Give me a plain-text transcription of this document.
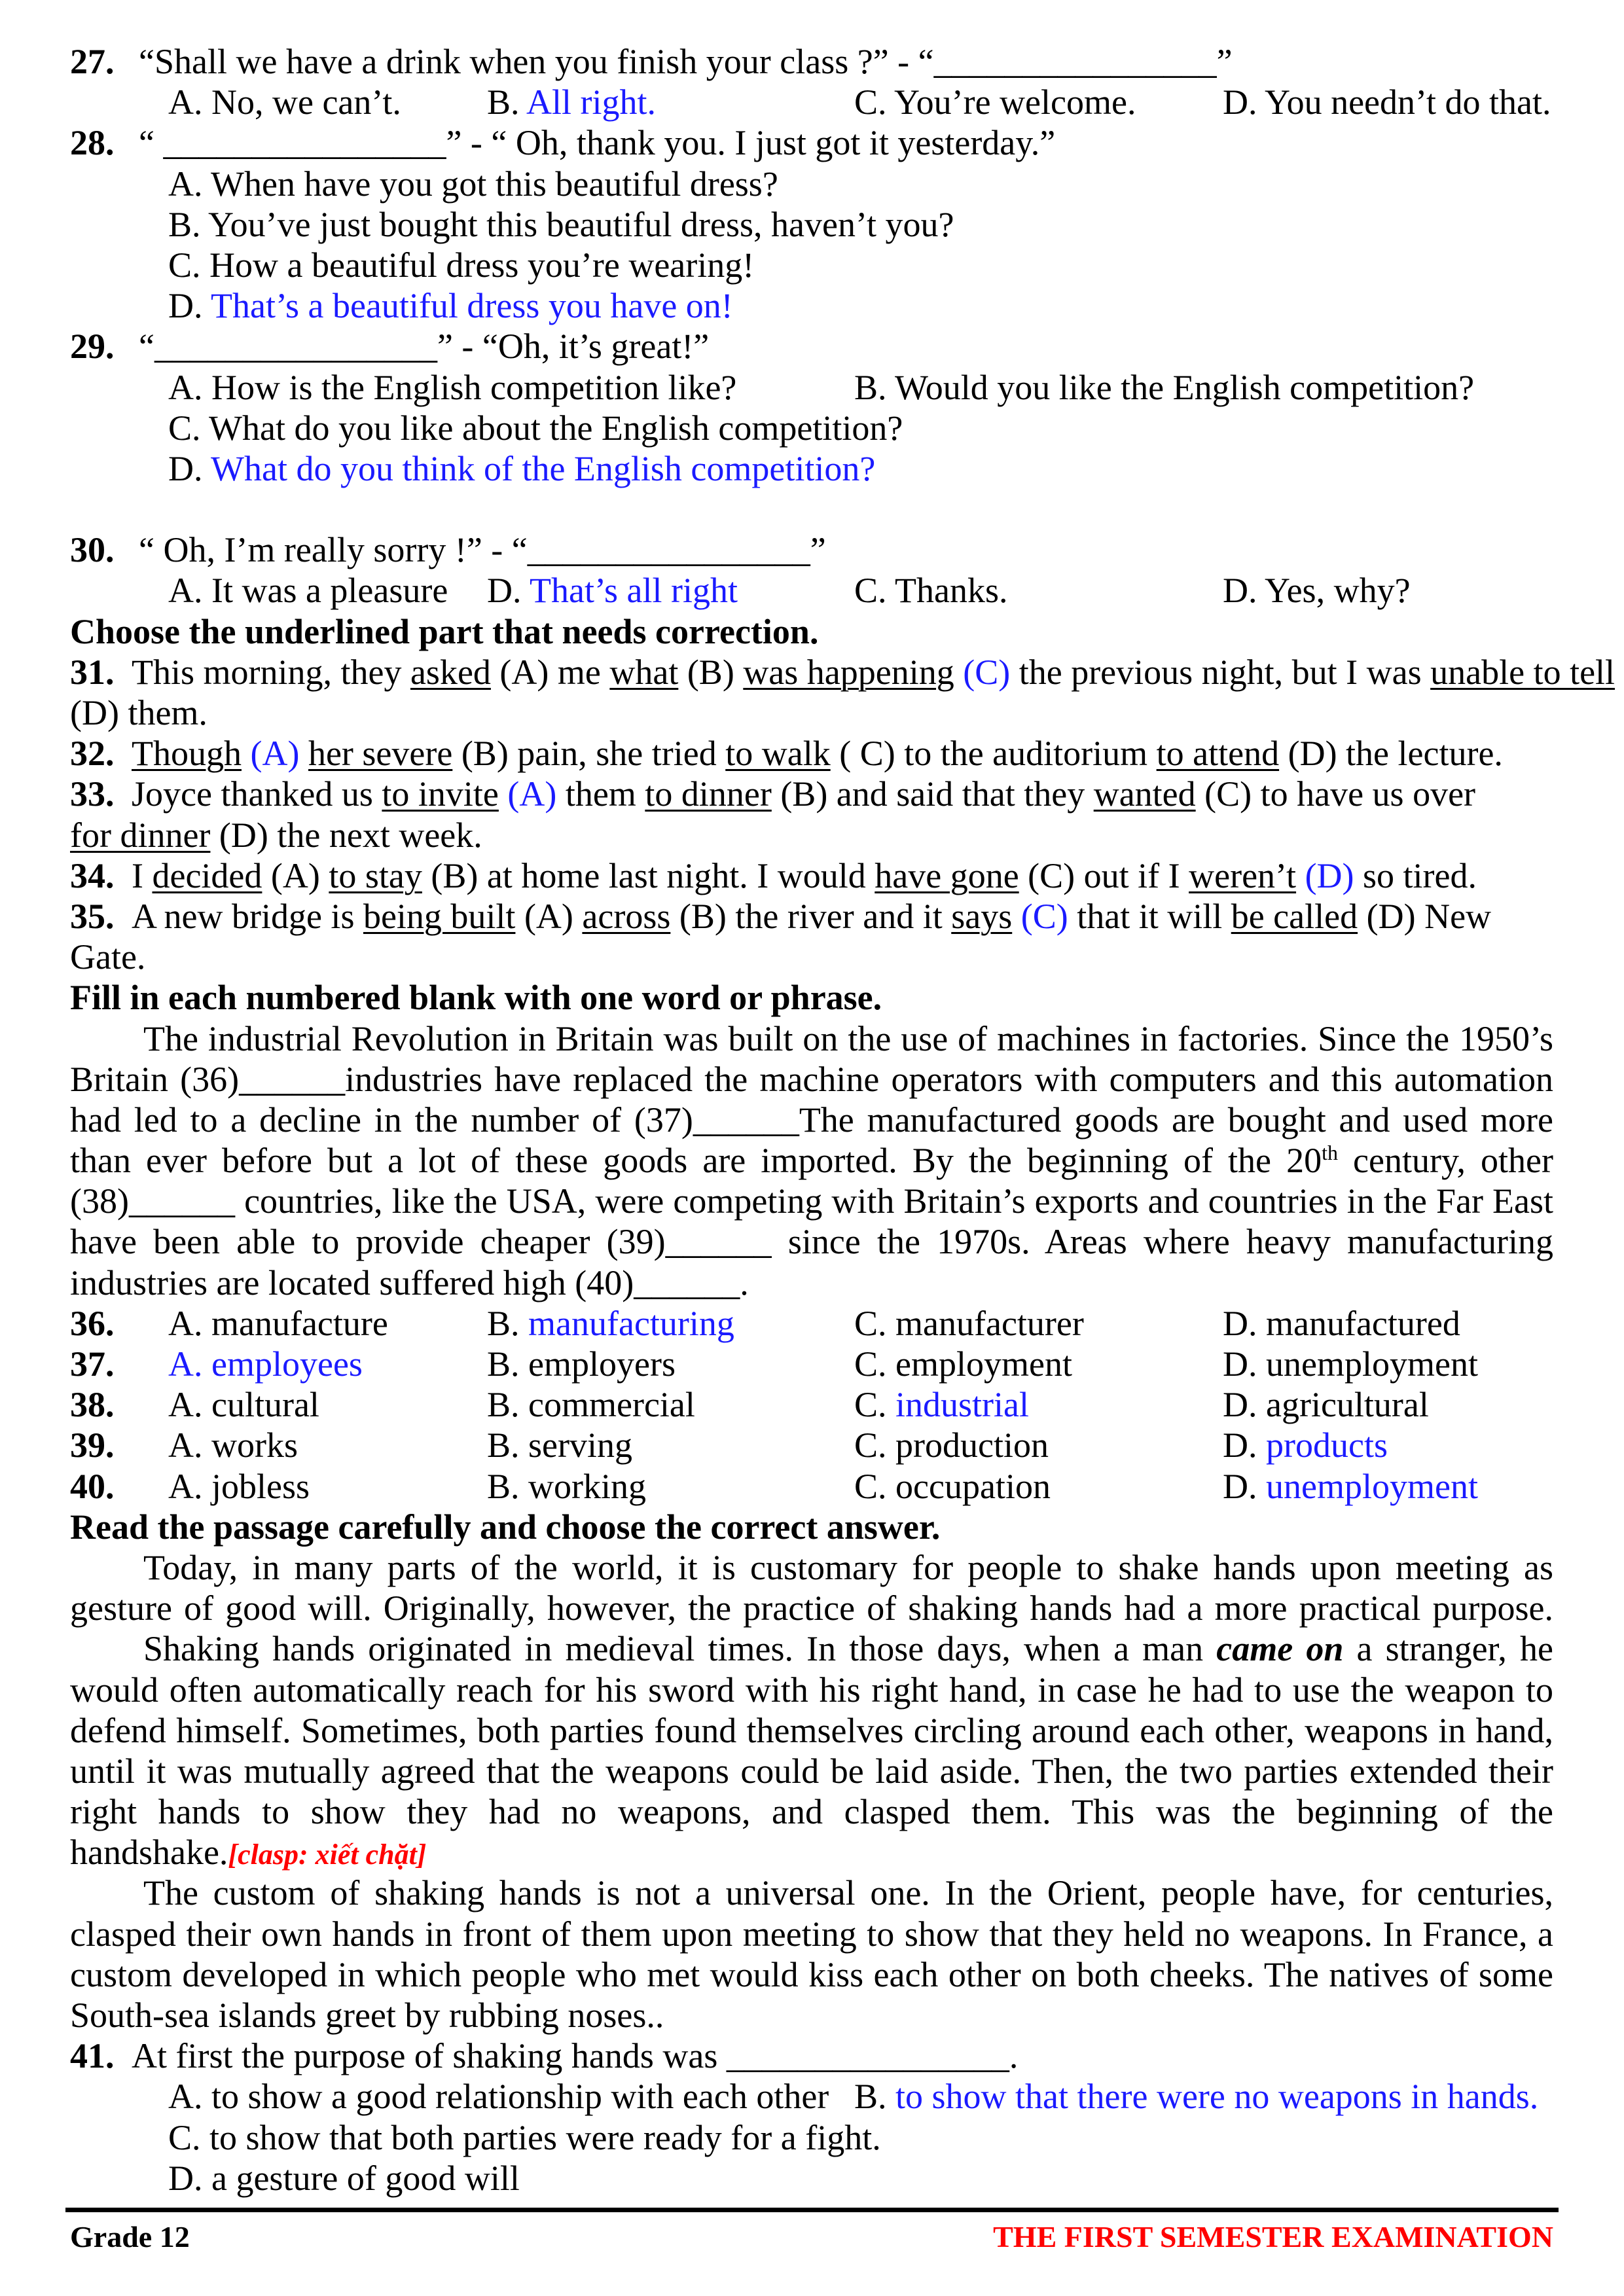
27. “Shall we have a drink when you finish your class ?” - “________________”
A. No, we can’t. B. All right.	C. You’re welcome. D. You needn’t do that.
28. “ ________________” - “ Oh, thank you. I just got it yesterday.”
A. When have you got this beautiful dress?
B. You’ve just bought this beautiful dress, haven’t you?
C. How a beautiful dress you’re wearing!
D. That’s a beautiful dress you have on!
29. “________________” - “Oh, it’s great!”
A. How is the English competition like?	B. Would you like the English competition?
C. What do you like about the English competition?
D. What do you think of the English competition?
30. “ Oh, I’m really sorry !” - “________________”
A. It was a pleasure D. That’s all right	C. Thanks.	D. Yes, why?
Choose the underlined part that needs correction.
31. This morning, they asked (A) me what (B) was happening (C) the previous night, but I was unable to tell
(D) them.
32. Though (A) her severe (B) pain, she tried to walk ( C) to the auditorium to attend (D) the lecture.
33. Joyce thanked us to invite (A) them to dinner (B) and said that they wanted (C) to have us over
for dinner (D) the next week.
34. I decided (A) to stay (B) at home last night. I would have gone (C) out if I weren’t (D) so tired.
35. A new bridge is being built (A) across (B) the river and it says (C) that it will be called (D) New
Gate.
Fill in each numbered blank with one word or phrase.
The industrial Revolution in Britain was built on the use of machines in factories. Since the 1950’s
Britain (36)______industries have replaced the machine operators with computers and this automation
had led to a decline in the number of (37)______The manufactured goods are bought and used more
than ever before but a lot of these goods are imported. By the beginning of the 20th century, other
(38)______ countries, like the USA, were competing with Britain’s exports and countries in the Far East
have been able to provide cheaper (39)______ since the 1970s. Areas where heavy manufacturing
industries are located suffered high (40)______.
36. A. manufacture	B. manufacturing	C. manufacturer	D. manufactured
37. A. employees	B. employers	C. employment	D. unemployment
38. A. cultural	B. commercial	C. industrial	D. agricultural
39. A. works	B. serving	C. production	D. products
40. A. jobless	B. working	C. occupation	D. unemployment
Read the passage carefully and choose the correct answer.
Today, in many parts of the world, it is customary for people to shake hands upon meeting as
gesture of good will. Originally, however, the practice of shaking hands had a more practical purpose.
Shaking hands originated in medieval times. In those days, when a man came on a stranger, he
would often automatically reach for his sword with his right hand, in case he had to use the weapon to
defend himself. Sometimes, both parties found themselves circling around each other, weapons in hand,
until it was mutually agreed that the weapons could be laid aside. Then, the two parties extended their
right hands to show they had no weapons, and clasped them. This was the beginning of the
handshake.[clasp: xiết chặt]
The custom of shaking hands is not a universal one. In the Orient, people have, for centuries,
clasped their own hands in front of them upon meeting to show that they held no weapons. In France, a
custom developed in which people who met would kiss each other on both cheeks. The natives of some
South-sea islands greet by rubbing noses..
41. At first the purpose of shaking hands was ________________.
A. to show a good relationship with each other B. to show that there were no weapons in hands.
C. to show that both parties were ready for a fight.
D. a gesture of good will
Grade 12	THE FIRST SEMESTER EXAMINATION
